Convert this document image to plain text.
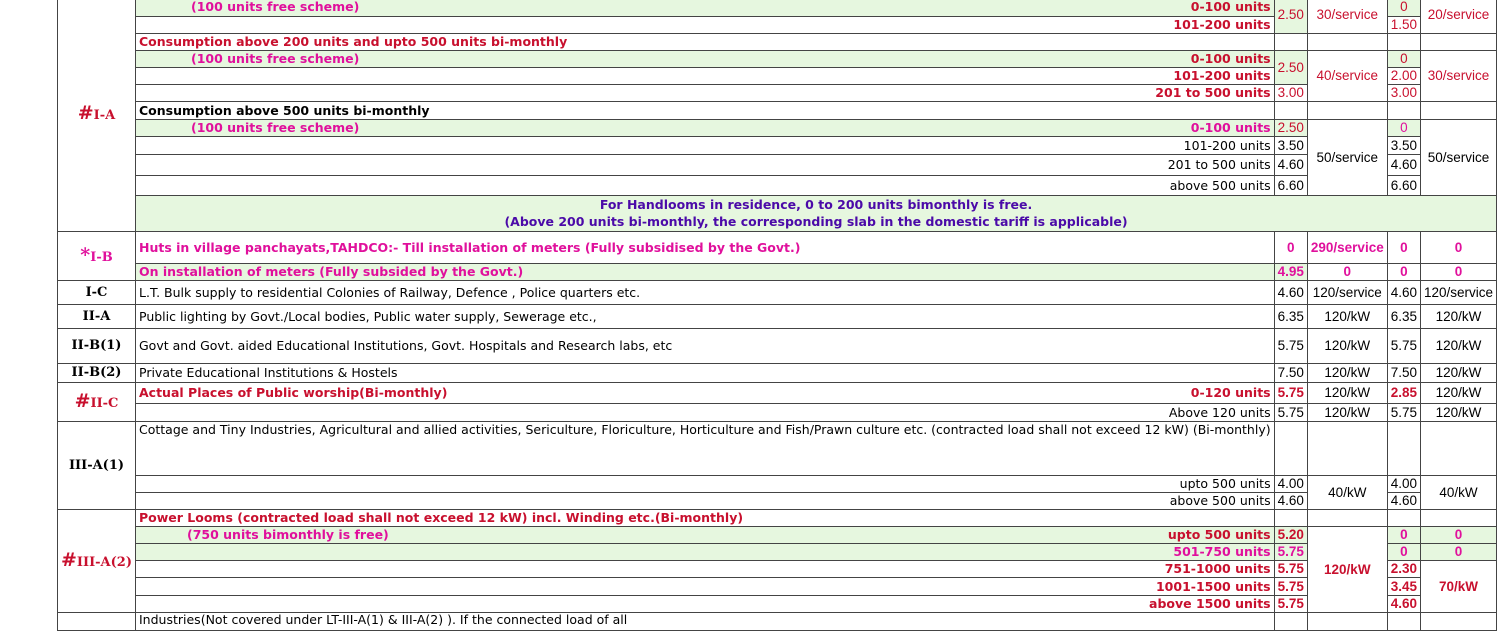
#I-A	(100 units free scheme) 0-100 units	2.50	30/service	0	20/service
	101-200 units			1.50	
	Consumption above 200 units and upto 500 units bi-monthly				
	(100 units free scheme) 0-100 units	2.50	40/service	0	30/service
	101-200 units			2.00	
	201 to 500 units	3.00		3.00	
	Consumption above 500 units bi-monthly				
	(100 units free scheme) 0-100 units	2.50	50/service	0	50/service
	101-200 units	3.50		3.50	
	201 to 500 units	4.60		4.60	
	above 500 units	6.60		6.60	
	For Handlooms in residence, 0 to 200 units bimonthly is free.				
	(Above 200 units bi-monthly, the corresponding slab in the domestic tariff is applicable)				
*I-B	Huts in village panchayats,TAHDCO:- Till installation of meters (Fully subsidised by the Govt.)	0	290/service	0	0
	On installation of meters (Fully subsided by the Govt.)	4.95	0	0	0
I-C	L.T. Bulk supply to residential Colonies of Railway, Defence , Police quarters etc.	4.60	120/service	4.60	120/service
II-A	Public lighting by Govt./Local bodies, Public water supply, Sewerage etc.,	6.35	120/kW	6.35	120/kW
II-B(1)	Govt and Govt. aided Educational Institutions, Govt. Hospitals and Research labs, etc	5.75	120/kW	5.75	120/kW
II-B(2)	Private Educational Institutions & Hostels	7.50	120/kW	7.50	120/kW
#II-C	Actual Places of Public worship(Bi-monthly) 0-120 units	5.75	120/kW	2.85	120/kW
	Above 120 units	5.75	120/kW	5.75	120/kW
III-A(1)	Cottage and Tiny Industries, Agricultural and allied activities, Sericulture, Floriculture, Horticulture and Fish/Prawn culture etc. (contracted load shall not exceed 12 kW) (Bi-monthly)				
	upto 500 units	4.00	40/kW	4.00	40/kW
	above 500 units	4.60		4.60	
#III-A(2)	Power Looms (contracted load shall not exceed 12 kW) incl. Winding etc.(Bi-monthly)				
	(750 units bimonthly is free) upto 500 units	5.20	120/kW	0	0
	501-750 units	5.75		0	0
	751-1000 units	5.75		2.30	70/kW
	1001-1500 units	5.75		3.45	
	above 1500 units	5.75		4.60	
	Industries(Not covered under LT-III-A(1) & III-A(2) ). If the connected load of all				
